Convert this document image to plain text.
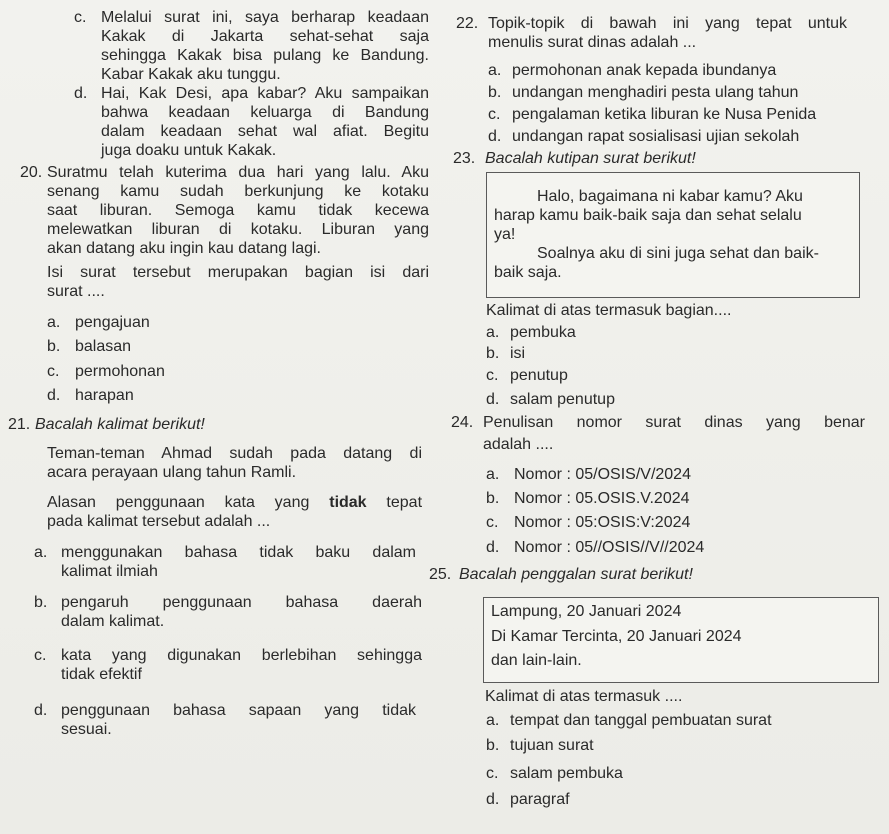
c. Melalui surat ini, saya berharap keadaan
Kakak di Jakarta sehat-sehat saja
sehingga Kakak bisa pulang ke Bandung.
Kabar Kakak aku tunggu.
d. Hai, Kak Desi, apa kabar? Aku sampaikan
bahwa keadaan keluarga di Bandung
dalam keadaan sehat wal afiat. Begitu
juga doaku untuk Kakak.
20. Suratmu telah kuterima dua hari yang lalu. Aku
senang kamu sudah berkunjung ke kotaku
saat liburan. Semoga kamu tidak kecewa
melewatkan liburan di kotaku. Liburan yang
akan datang aku ingin kau datang lagi.
Isi surat tersebut merupakan bagian isi dari
surat ....
a. pengajuan
b. balasan
c. permohonan
d. harapan
21. Bacalah kalimat berikut!
Teman-teman Ahmad sudah pada datang di
acara perayaan ulang tahun Ramli.
Alasan penggunaan kata yang tidak tepat
pada kalimat tersebut adalah ...
a. menggunakan bahasa tidak baku dalam
kalimat ilmiah
b. pengaruh penggunaan bahasa daerah
dalam kalimat.
c. kata yang digunakan berlebihan sehingga
tidak efektif
d. penggunaan bahasa sapaan yang tidak
sesuai.
22. Topik-topik di bawah ini yang tepat untuk
menulis surat dinas adalah ...
a. permohonan anak kepada ibundanya
b. undangan menghadiri pesta ulang tahun
c. pengalaman ketika liburan ke Nusa Penida
d. undangan rapat sosialisasi ujian sekolah
23. Bacalah kutipan surat berikut!
Halo, bagaimana ni kabar kamu? Aku
harap kamu baik-baik saja dan sehat selalu
ya!
Soalnya aku di sini juga sehat dan baik-
baik saja.
Kalimat di atas termasuk bagian....
a. pembuka
b. isi
c. penutup
d. salam penutup
24. Penulisan nomor surat dinas yang benar
adalah ....
a. Nomor : 05/OSIS/V/2024
b. Nomor : 05.OSIS.V.2024
c. Nomor : 05:OSIS:V:2024
d. Nomor : 05//OSIS//V//2024
25. Bacalah penggalan surat berikut!
Lampung, 20 Januari 2024
Di Kamar Tercinta, 20 Januari 2024
dan lain-lain.
Kalimat di atas termasuk ....
a. tempat dan tanggal pembuatan surat
b. tujuan surat
c. salam pembuka
d. paragraf
